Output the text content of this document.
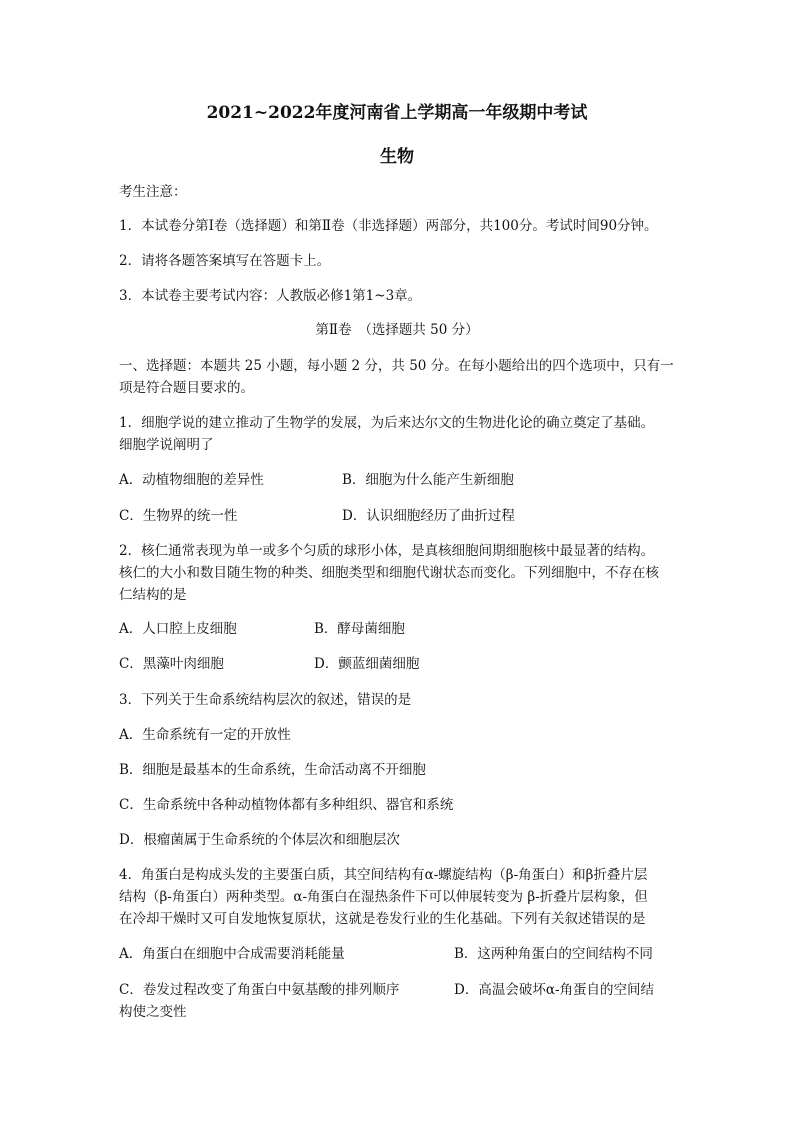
2021~2022年度河南省上学期高一年级期中考试
生物
考生注意：
1．本试卷分第Ⅰ卷（选择题）和第Ⅱ卷（非选择题）两部分，共100分。考试时间90分钟。
2．请将各题答案填写在答题卡上。
3．本试卷主要考试内容：人教版必修1第1~3章。
第Ⅱ卷　（选择题共 50 分）
一、选择题：本题共 25 小题，每小题 2 分，共 50 分。在每小题给出的四个选项中，只有一
项是符合题目要求的。
1．细胞学说的建立推动了生物学的发展，为后来达尔文的生物进化论的确立奠定了基础。
细胞学说阐明了
A．动植物细胞的差异性	B．细胞为什么能产生新细胞
C．生物界的统一性	D．认识细胞经历了曲折过程
2．核仁通常表现为单一或多个匀质的球形小体，是真核细胞间期细胞核中最显著的结构。
核仁的大小和数目随生物的种类、细胞类型和细胞代谢状态而变化。下列细胞中，不存在核
仁结构的是
A．人口腔上皮细胞	B．酵母菌细胞
C．黑藻叶肉细胞	D．颤蓝细菌细胞
3．下列关于生命系统结构层次的叙述，错误的是
A．生命系统有一定的开放性
B．细胞是最基本的生命系统，生命活动离不开细胞
C．生命系统中各种动植物体都有多种组织、器官和系统
D．根瘤菌属于生命系统的个体层次和细胞层次
4．角蛋白是构成头发的主要蛋白质，其空间结构有α-螺旋结构（β-角蛋白）和β折叠片层
结构（β-角蛋白）两种类型。α-角蛋白在湿热条件下可以伸展转变为 β-折叠片层构象，但
在冷却干燥时又可自发地恢复原状，这就是卷发行业的生化基础。下列有关叙述错误的是
A．角蛋白在细胞中合成需要消耗能量	B．这两种角蛋白的空间结构不同
C．卷发过程改变了角蛋白中氨基酸的排列顺序	D．高温会破坏α-角蛋自的空间结
构使之变性
